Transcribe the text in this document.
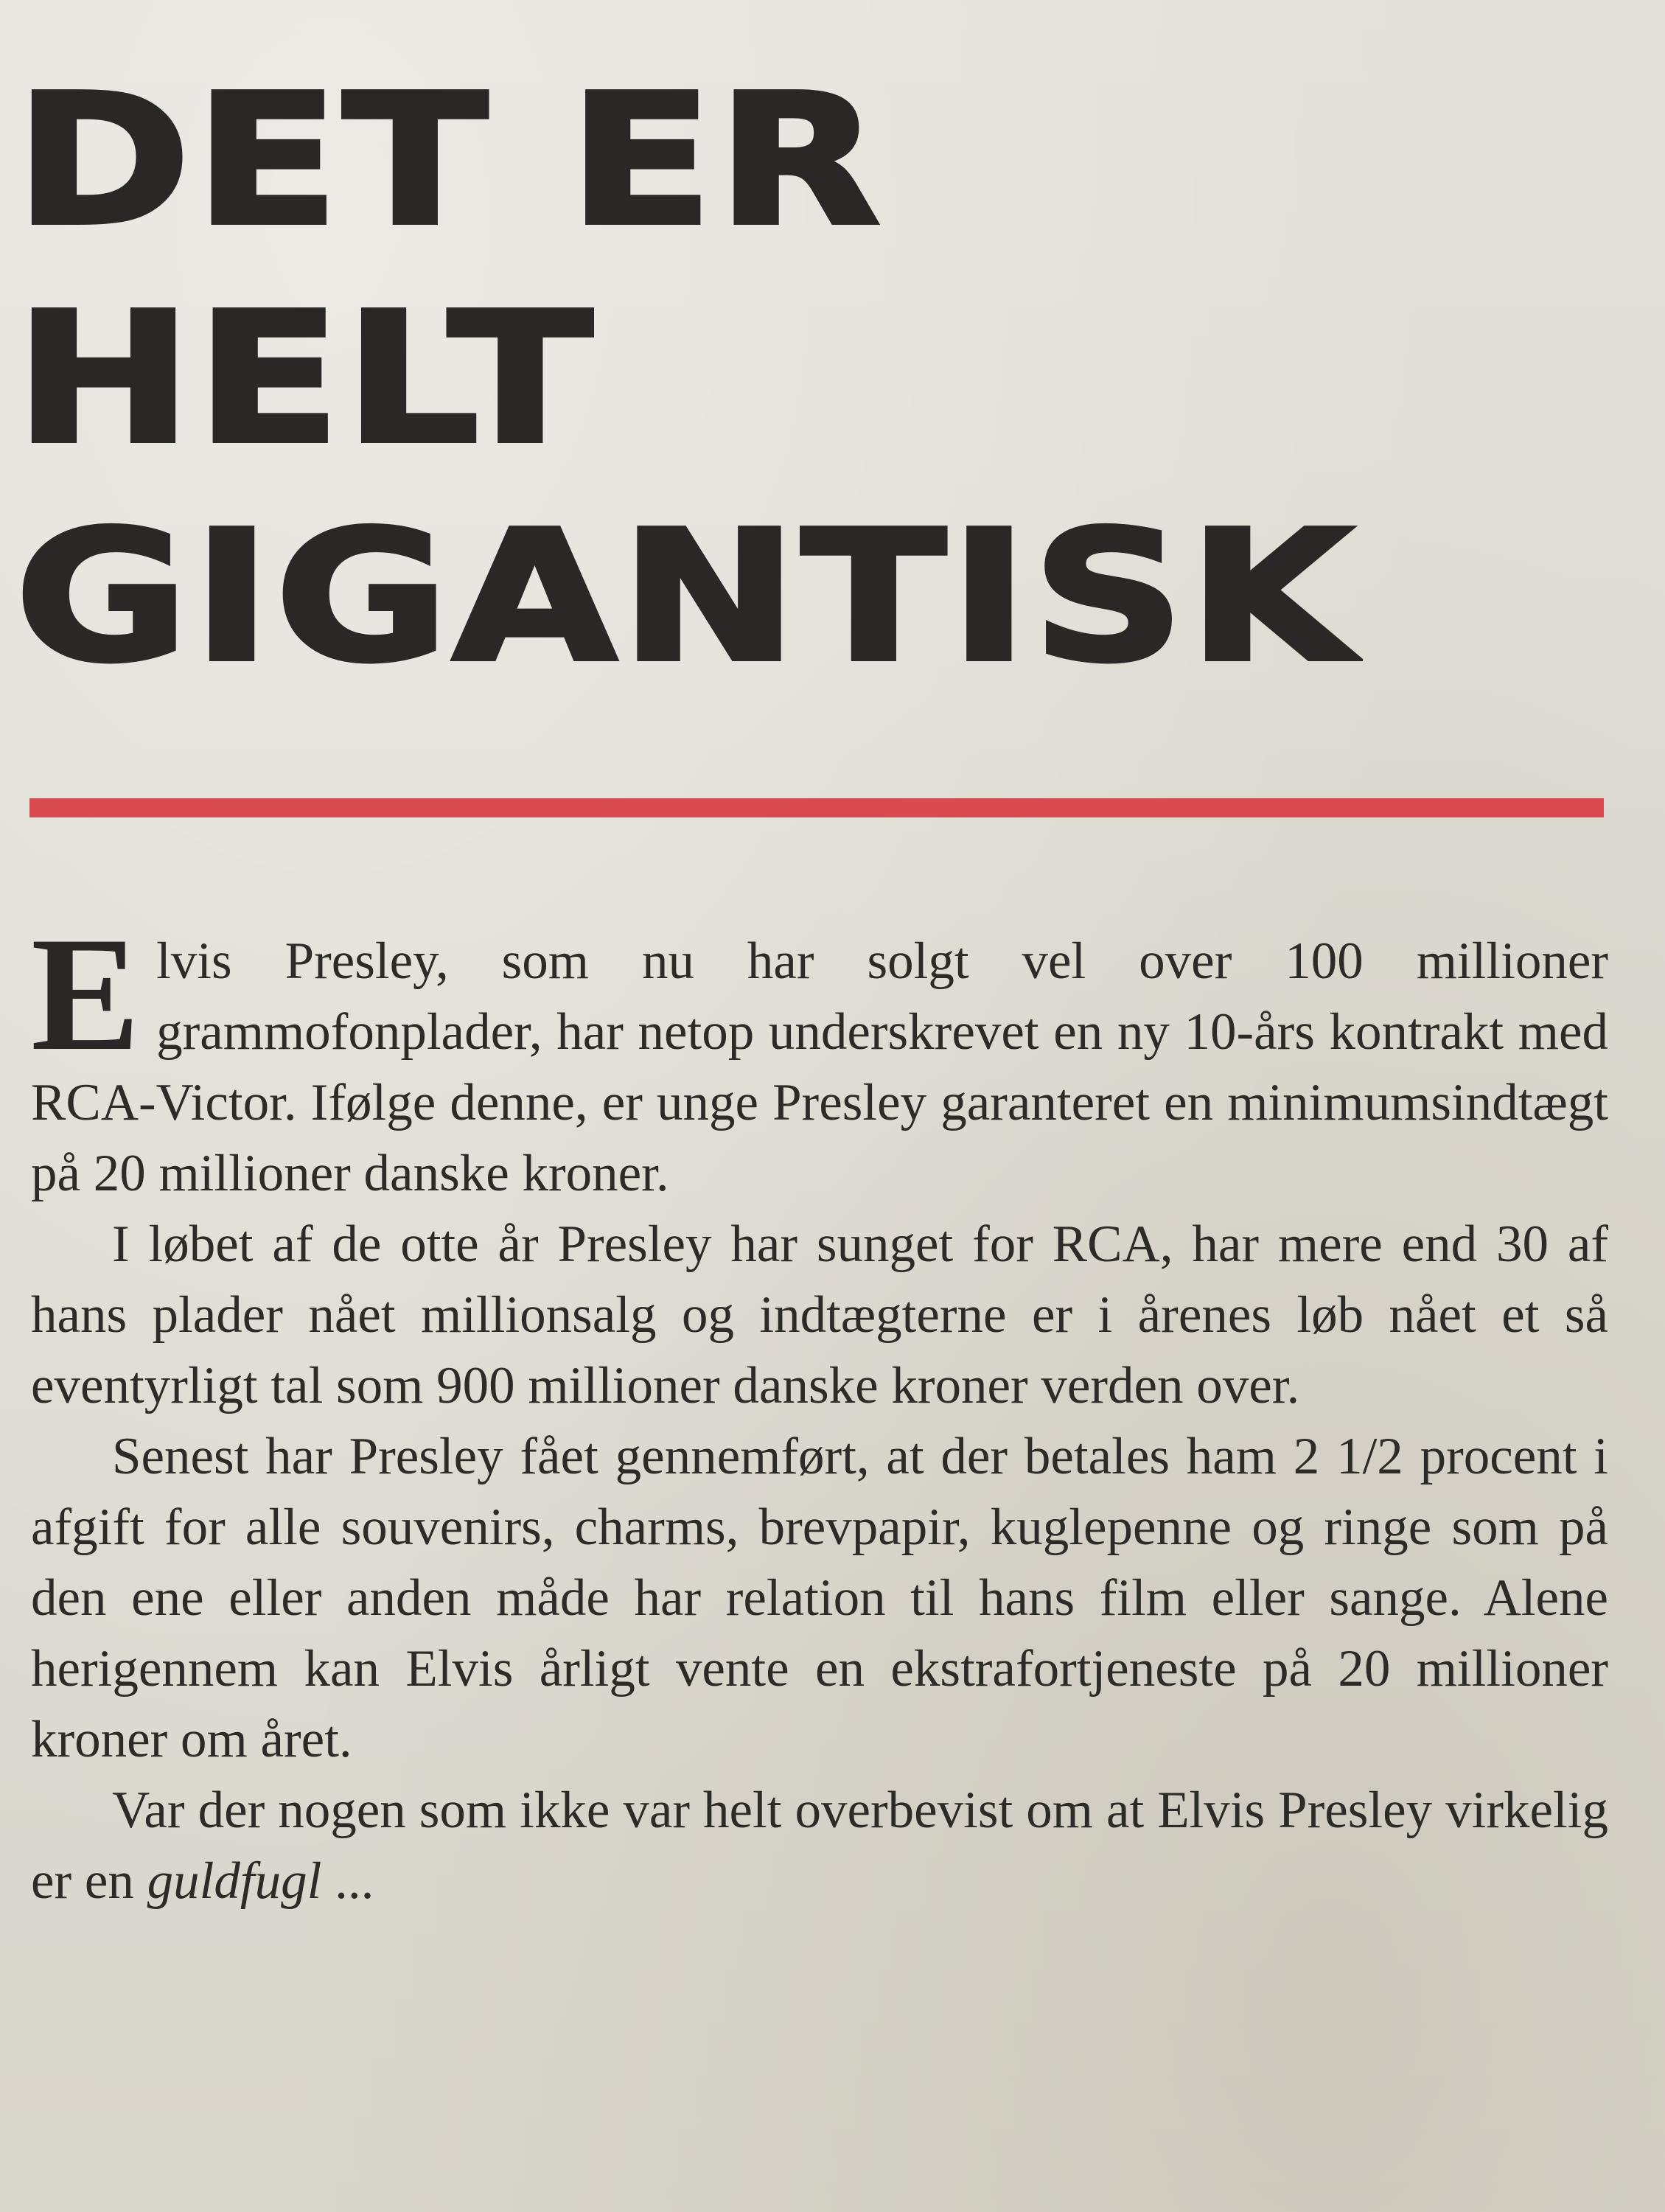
DET ER
HELT
GIGANTISK

Elvis Presley, som nu har solgt vel over 100 millioner grammofonplader, har netop underskrevet en ny 10-års kontrakt med RCA-Victor. Ifølge denne, er unge Presley garanteret en minimumsindtægt på 20 millioner danske kroner.

I løbet af de otte år Presley har sunget for RCA, har mere end 30 af hans plader nået millionsalg og indtægterne er i årenes løb nået et så eventyrligt tal som 900 millioner danske kroner verden over.

Senest har Presley fået gennemført, at der betales ham 2 1/2 procent i afgift for alle souvenirs, charms, brevpapir, kuglepenne og ringe som på den ene eller anden måde har relation til hans film eller sange. Alene herigennem kan Elvis årligt vente en ekstrafortjeneste på 20 millioner kroner om året.

Var der nogen som ikke var helt overbevist om at Elvis Presley virkelig er en guldfugl ...
